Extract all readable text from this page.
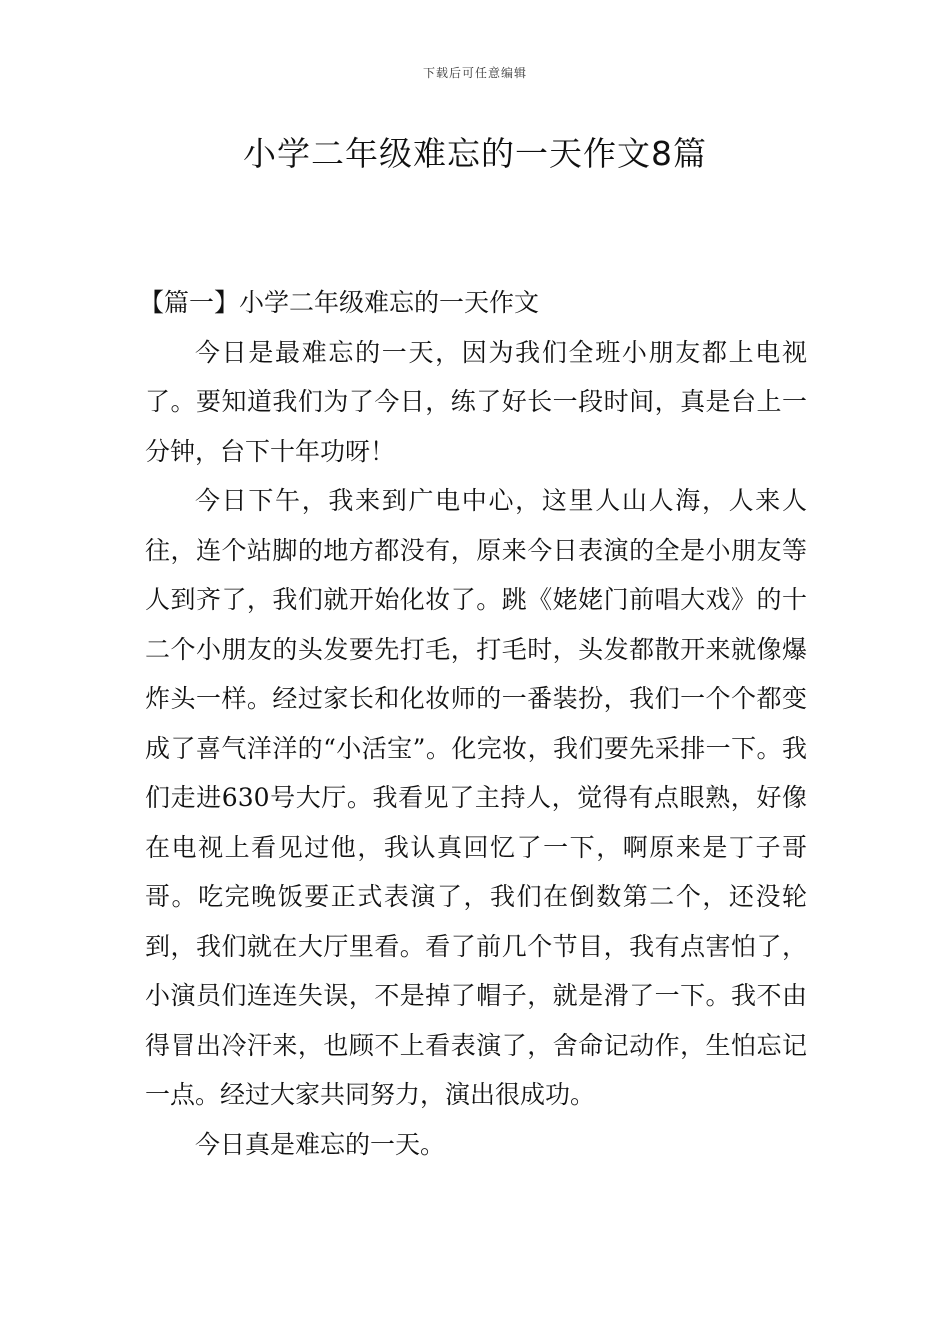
下载后可任意编辑
小学二年级难忘的一天作文8篇

【篇一】小学二年级难忘的一天作文

今日是最难忘的一天，因为我们全班小朋友都上电视了。要知道我们为了今日，练了好长一段时间，真是台上一分钟，台下十年功呀！

今日下午，我来到广电中心，这里人山人海，人来人往，连个站脚的地方都没有，原来今日表演的全是小朋友等人到齐了，我们就开始化妆了。跳《姥姥门前唱大戏》的十二个小朋友的头发要先打毛，打毛时，头发都散开来就像爆炸头一样。经过家长和化妆师的一番装扮，我们一个个都变成了喜气洋洋的“小活宝”。化完妆，我们要先采排一下。我们走进630号大厅。我看见了主持人，觉得有点眼熟，好像在电视上看见过他，我认真回忆了一下，啊原来是丁子哥哥。吃完晚饭要正式表演了，我们在倒数第二个，还没轮到，我们就在大厅里看。看了前几个节目，我有点害怕了，小演员们连连失误，不是掉了帽子，就是滑了一下。我不由得冒出冷汗来，也顾不上看表演了，舍命记动作，生怕忘记一点。经过大家共同努力，演出很成功。

今日真是难忘的一天。
